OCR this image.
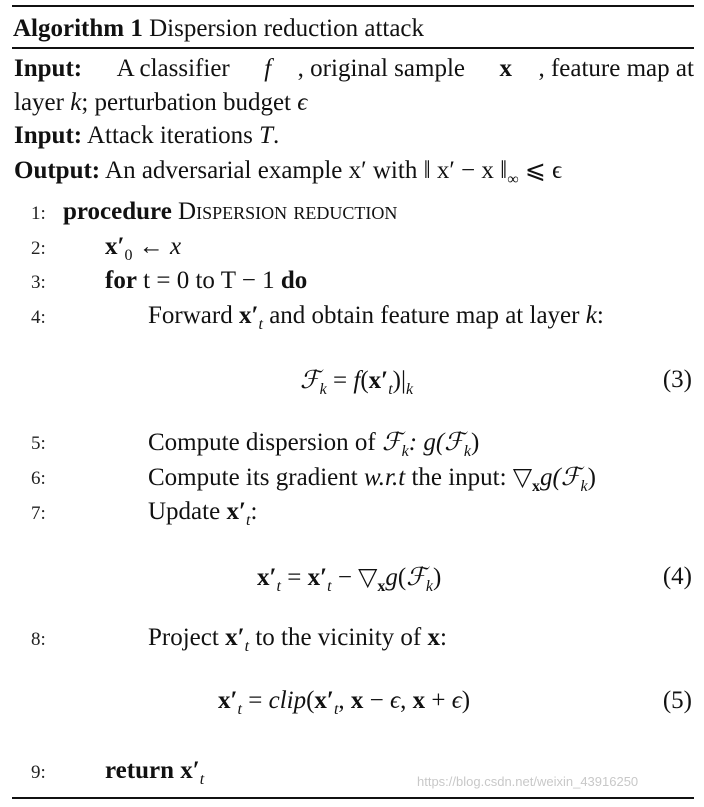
Algorithm 1 Dispersion reduction attack
Input: A classifier f , original sample x , feature map at
layer k; perturbation budget ϵ
Input: Attack iterations T.
Output: An adversarial example x′ with ‖ x′ − x $‖_\infty$ ⩽ ϵ
1: procedure Dispersion reduction
2: $x'_0$ ← x
3: for t = 0 to T − 1 do
4:	Forward $x'_t$ and obtain feature map at layer k:
ℱ$_k$ = $f(x'_t)|_k$	(3)
5:	Compute dispersion of ℱ$_k$: g(ℱ$_k$)
6:	Compute its gradient w.r.t the input: $▽_xg(ℱ_k)$
7:	Update $x'_t$:
$x'_t = x'_t$ − $▽_xg(ℱ_k)$	(4)
8:	Project $x'_t$ to the vicinity of x:
$x'_t$ = $clip(x'_t$, x − ϵ, x + ϵ)	(5)
9: return $x'_t$	https://blog.csdn.net/weixin_43916250
